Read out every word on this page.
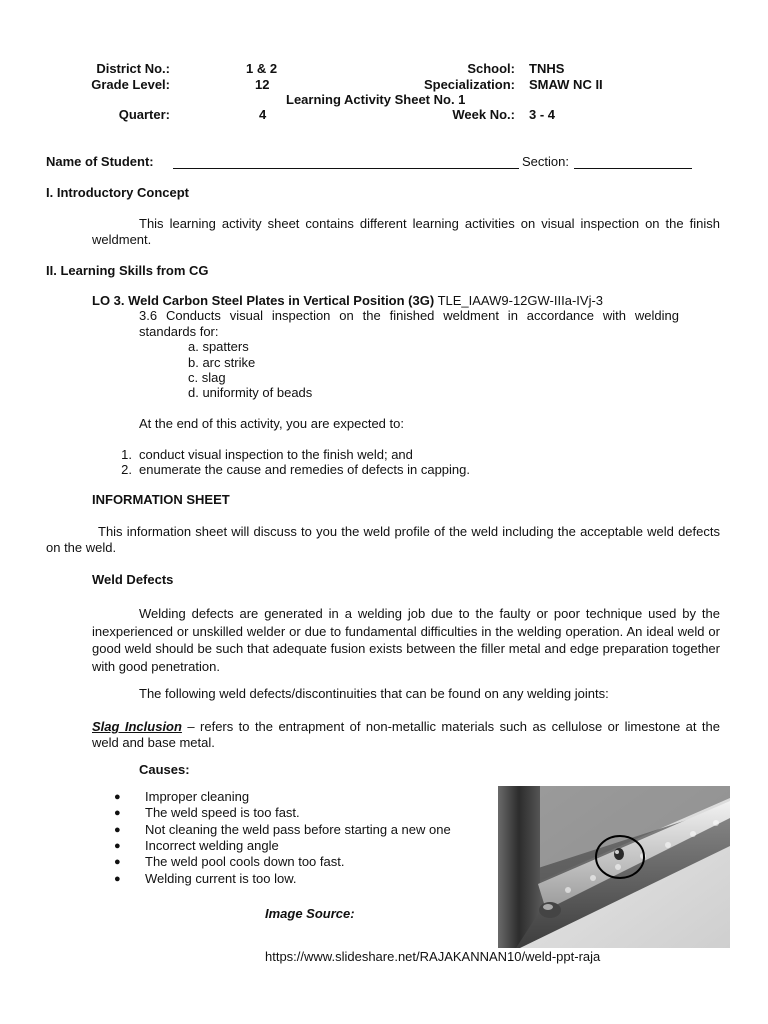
District No.:	1 & 2	School: TNHS
Grade Level:	12	Specialization: SMAW NC II
Learning Activity Sheet No. 1
Quarter:	4	Week No.: 3 - 4
Name of Student:	Section:
I. Introductory Concept
This learning activity sheet contains different learning activities on visual inspection on the finish weldment.
II. Learning Skills from CG
LO 3. Weld Carbon Steel Plates in Vertical Position (3G) TLE_IAAW9-12GW-IIIa-IVj-3
3.6 Conducts visual inspection on the finished weldment in accordance with welding standards for:
a. spatters
b. arc strike
c. slag
d. uniformity of beads
At the end of this activity, you are expected to:
1. conduct visual inspection to the finish weld; and
2. enumerate the cause and remedies of defects in capping.
INFORMATION SHEET
This information sheet will discuss to you the weld profile of the weld including the acceptable weld defects on the weld.
Weld Defects
Welding defects are generated in a welding job due to the faulty or poor technique used by the inexperienced or unskilled welder or due to fundamental difficulties in the welding operation. An ideal weld or good weld should be such that adequate fusion exists between the filler metal and edge preparation together with good penetration.
The following weld defects/discontinuities that can be found on any welding joints:
Slag Inclusion – refers to the entrapment of non-metallic materials such as cellulose or limestone at the weld and base metal.
Causes:
● Improper cleaning
● The weld speed is too fast.
● Not cleaning the weld pass before starting a new one
● Incorrect welding angle
● The weld pool cools down too fast.
● Welding current is too low.
Image Source:
https://www.slideshare.net/RAJAKANNAN10/weld-ppt-raja
